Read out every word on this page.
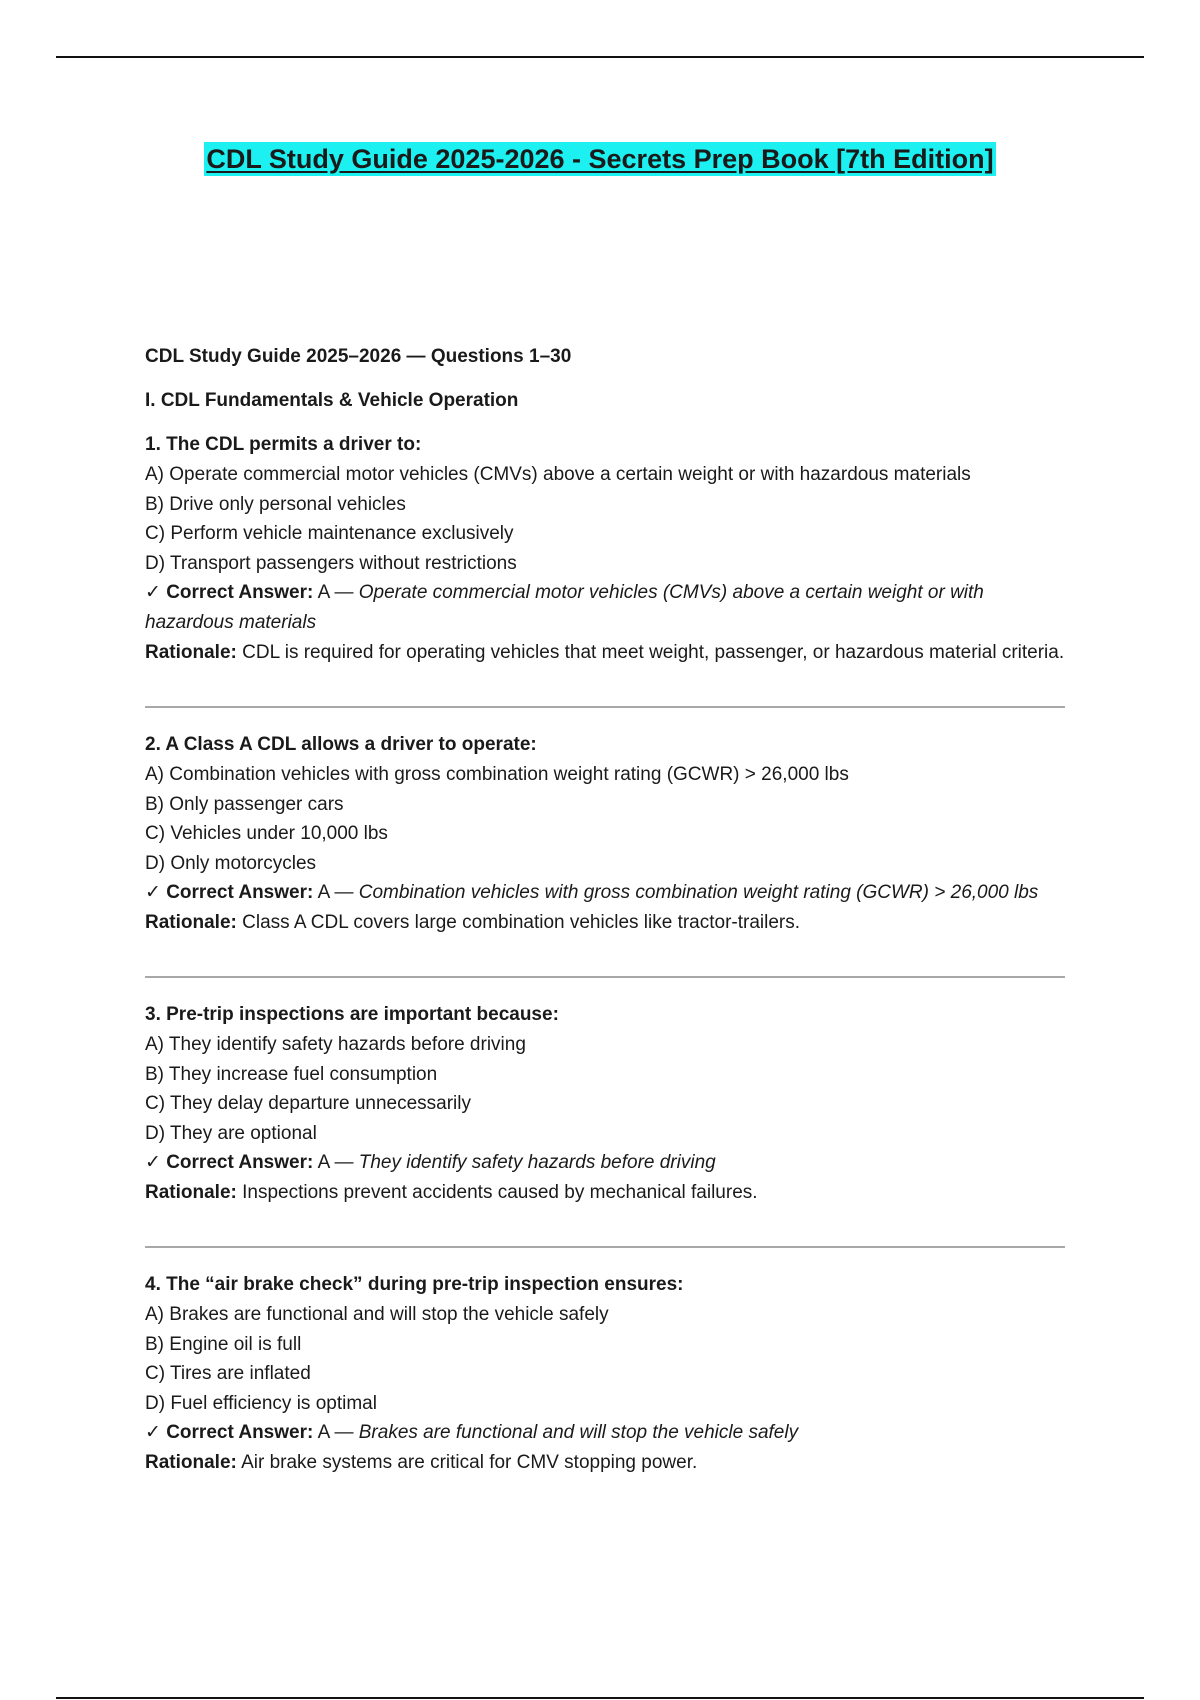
CDL Study Guide 2025-2026 - Secrets Prep Book [7th Edition]
CDL Study Guide 2025–2026 — Questions 1–30
I. CDL Fundamentals & Vehicle Operation
1. The CDL permits a driver to:
A) Operate commercial motor vehicles (CMVs) above a certain weight or with hazardous materials
B) Drive only personal vehicles
C) Perform vehicle maintenance exclusively
D) Transport passengers without restrictions
✓ Correct Answer: A — Operate commercial motor vehicles (CMVs) above a certain weight or with hazardous materials
Rationale: CDL is required for operating vehicles that meet weight, passenger, or hazardous material criteria.
2. A Class A CDL allows a driver to operate:
A) Combination vehicles with gross combination weight rating (GCWR) > 26,000 lbs
B) Only passenger cars
C) Vehicles under 10,000 lbs
D) Only motorcycles
✓ Correct Answer: A — Combination vehicles with gross combination weight rating (GCWR) > 26,000 lbs
Rationale: Class A CDL covers large combination vehicles like tractor-trailers.
3. Pre-trip inspections are important because:
A) They identify safety hazards before driving
B) They increase fuel consumption
C) They delay departure unnecessarily
D) They are optional
✓ Correct Answer: A — They identify safety hazards before driving
Rationale: Inspections prevent accidents caused by mechanical failures.
4. The “air brake check” during pre-trip inspection ensures:
A) Brakes are functional and will stop the vehicle safely
B) Engine oil is full
C) Tires are inflated
D) Fuel efficiency is optimal
✓ Correct Answer: A — Brakes are functional and will stop the vehicle safely
Rationale: Air brake systems are critical for CMV stopping power.
